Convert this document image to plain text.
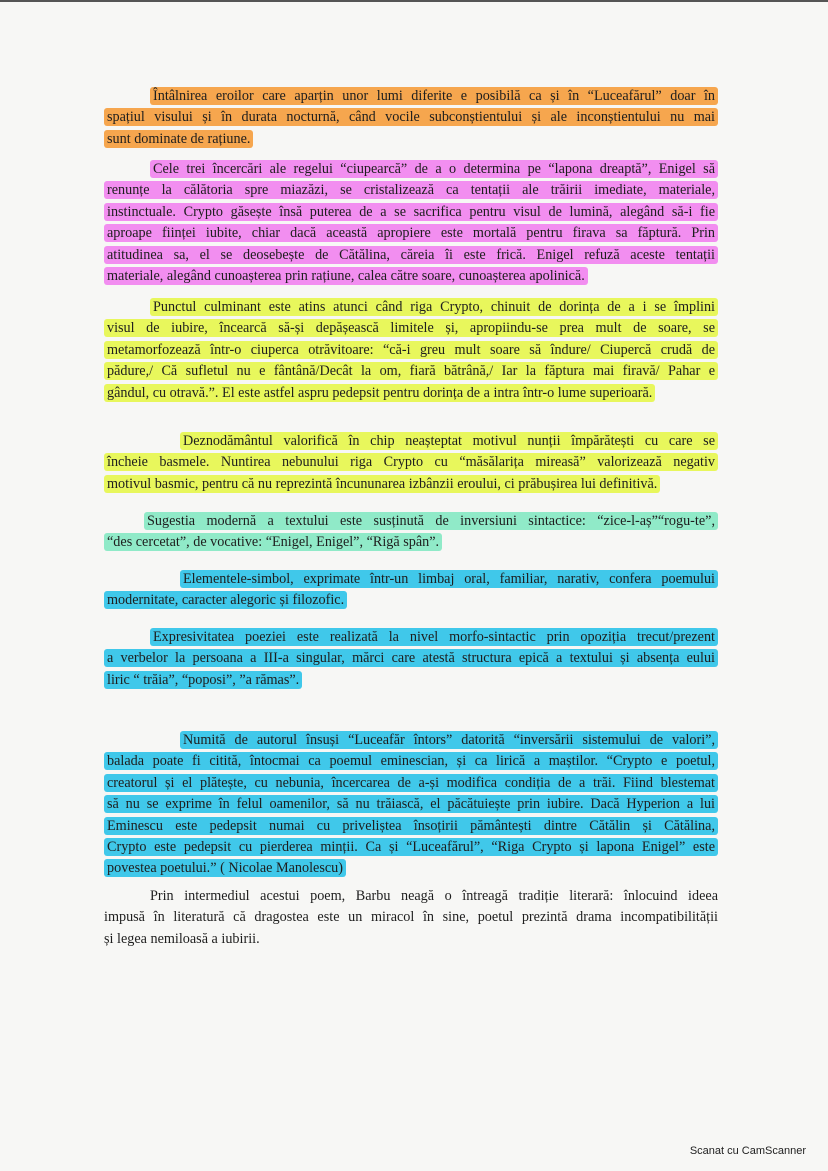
Întâlnirea eroilor care aparțin unor lumi diferite e posibilă ca și în “Luceafărul” doar în
spațiul visului și în durata nocturnă, când vocile subconștientului și ale inconștientului nu mai
sunt dominate de rațiune.
Cele trei încercări ale regelui “ciupearcă” de a o determina pe “lapona dreaptă”, Enigel să
renunțe la călătoria spre miazăzi, se cristalizează ca tentații ale trăirii imediate, materiale,
instinctuale. Crypto găsește însă puterea de a se sacrifica pentru visul de lumină, alegând să-i fie
aproape ființei iubite, chiar dacă această apropiere este mortală pentru firava sa făptură. Prin
atitudinea sa, el se deosebește de Cătălina, căreia îi este frică. Enigel refuză aceste tentații
materiale, alegând cunoașterea prin rațiune, calea către soare, cunoașterea apolinică.
Punctul culminant este atins atunci când riga Crypto, chinuit de dorința de a i se împlini
visul de iubire, încearcă să-și depășească limitele și, apropiindu-se prea mult de soare, se
metamorfozează într-o ciuperca otrăvitoare: “că-i greu mult soare să îndure/ Ciupercă crudă de
pădure,/ Că sufletul nu e fântână/Decât la om, fiară bătrână,/ Iar la făptura mai firavă/ Pahar e
gândul, cu otravă.”. El este astfel aspru pedepsit pentru dorința de a intra într-o lume superioară.
Deznodământul valorifică în chip neașteptat motivul nunții împărătești cu care se
încheie basmele. Nuntirea nebunului riga Crypto cu “măsălarița mireasă” valorizează negativ
motivul basmic, pentru că nu reprezintă încununarea izbânzii eroului, ci prăbușirea lui definitivă.
Sugestia modernă a textului este susținută de inversiuni sintactice: “zice-l-aș”“rogu-te”,
“des cercetat”, de vocative: “Enigel, Enigel”, “Rigă spân”.
Elementele-simbol, exprimate într-un limbaj oral, familiar, narativ, confera poemului
modernitate, caracter alegoric și filozofic.
Expresivitatea poeziei este realizată la nivel morfo-sintactic prin opoziția trecut/prezent
a verbelor la persoana a III-a singular, mărci care atestă structura epică a textului și absența eului
liric “ trăia”, “poposi”, ”a rămas”.
Numită de autorul însuși “Luceafăr întors” datorită “inversării sistemului de valori”,
balada poate fi citită, întocmai ca poemul eminescian, și ca lirică a maștilor. “Crypto e poetul,
creatorul și el plătește, cu nebunia, încercarea de a-și modifica condiția de a trăi. Fiind blestemat
să nu se exprime în felul oamenilor, să nu trăiască, el păcătuiește prin iubire. Dacă Hyperion a lui
Eminescu este pedepsit numai cu priveliștea însoțirii pământești dintre Cătălin și Cătălina,
Crypto este pedepsit cu pierderea minții. Ca și “Luceafărul”, “Riga Crypto și lapona Enigel” este
povestea poetului.” ( Nicolae Manolescu)
Prin intermediul acestui poem, Barbu neagă o întreagă tradiție literară: înlocuind ideea
impusă în literatură că dragostea este un miracol în sine, poetul prezintă drama incompatibilității
și legea nemiloasă a iubirii.
Scanat cu CamScanner
